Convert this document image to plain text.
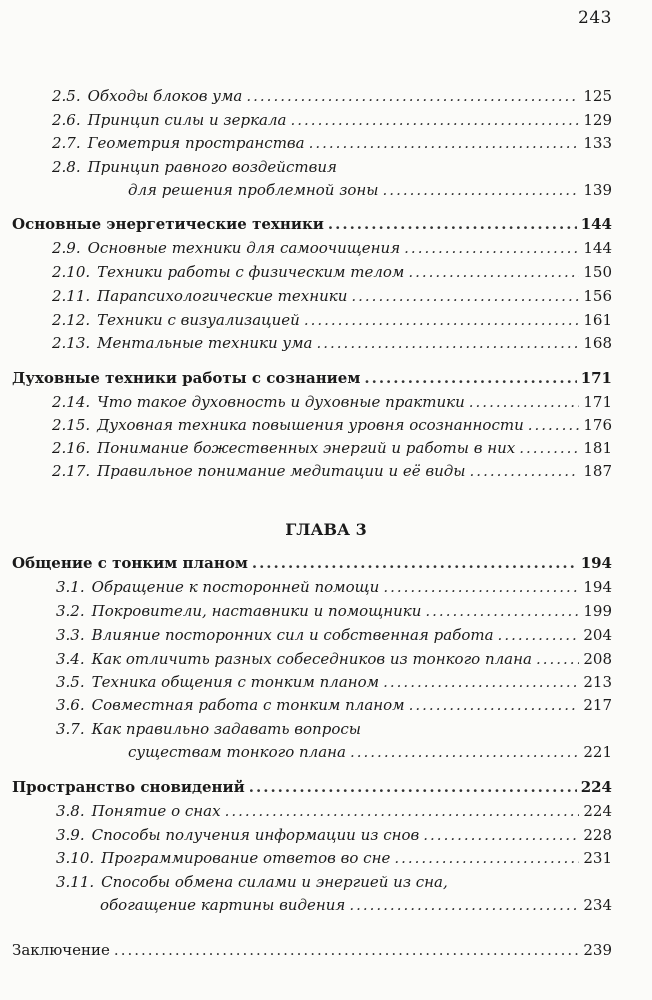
243
2.5. Обходы блоков ума .....	125
2.6. Принцип силы и зеркала .....	129
2.7. Геометрия пространства .....	133
2.8. Принцип равного воздействия
для решения проблемной зоны .....	139
Основные энергетические техники .....	144
2.9. Основные техники для самоочищения .....	144
2.10. Техники работы с физическим телом .....	150
2.11. Парапсихологические техники .....	156
2.12. Техники с визуализацией .....	161
2.13. Ментальные техники ума .....	168
Духовные техники работы с сознанием .....	171
2.14. Что такое духовность и духовные практики .....	171
2.15. Духовная техника повышения уровня осознанности .....	176
2.16. Понимание божественных энергий и работы в них .....	181
2.17. Правильное понимание медитации и её виды .....	187
ГЛАВА 3
Общение с тонким планом .....	194
3.1. Обращение к посторонней помощи .....	194
3.2. Покровители, наставники и помощники .....	199
3.3. Влияние посторонних сил и собственная работа .....	204
3.4. Как отличить разных собеседников из тонкого плана .....	208
3.5. Техника общения с тонким планом .....	213
3.6. Совместная работа с тонким планом .....	217
3.7. Как правильно задавать вопросы
существам тонкого плана .....	221
Пространство сновидений .....	224
3.8. Понятие о снах .....	224
3.9. Способы получения информации из снов .....	228
3.10. Программирование ответов во сне .....	231
3.11. Способы обмена силами и энергией из сна,
обогащение картины видения .....	234
Заключение .....	239
